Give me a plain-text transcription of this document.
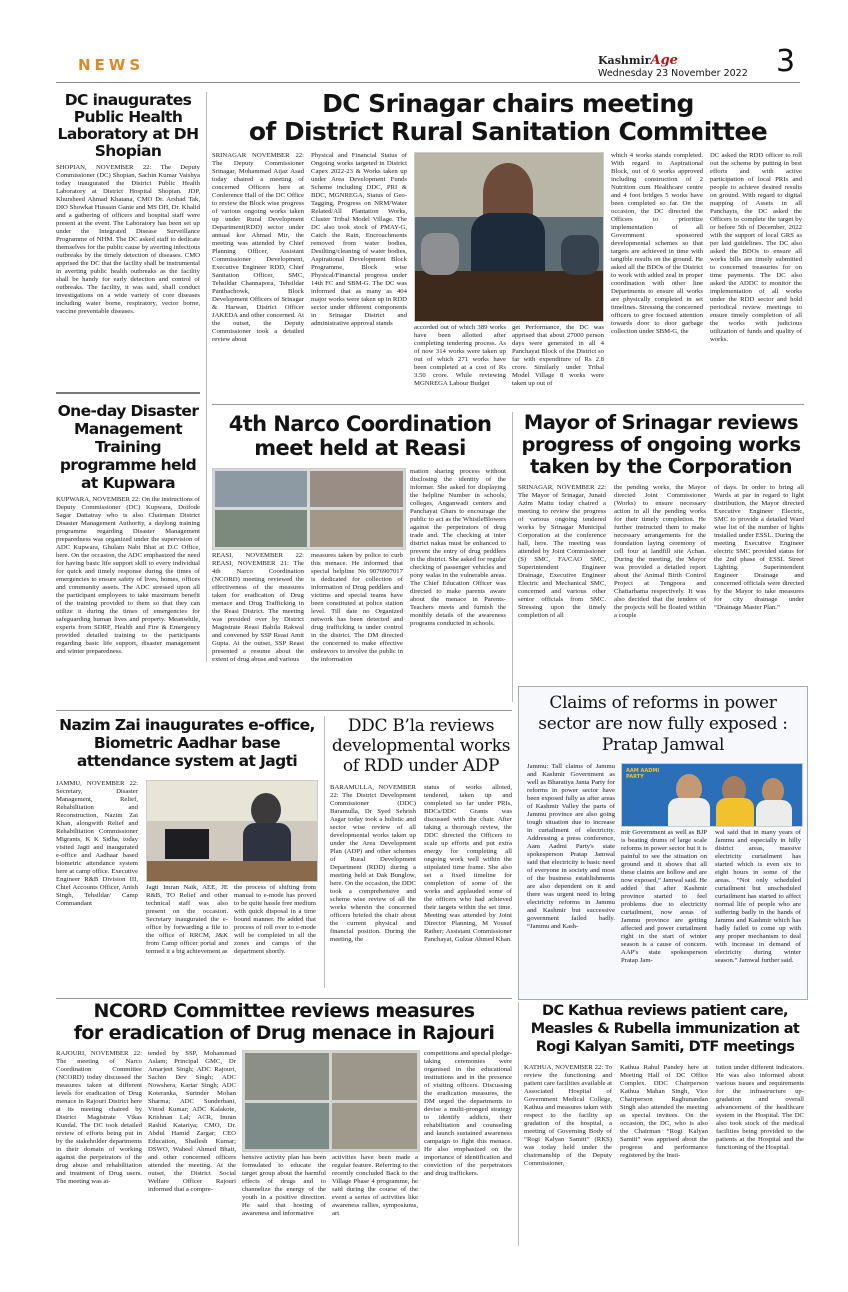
NEWS	KashmirAge
Wednesday 23 November 2022 3
DC inaugurates Public Health Laboratory at DH Shopian

SHOPIAN, NOVEMBER 22: The Deputy Commissioner (DC) Shopian, Sachin Kumar Vaishya today inaugurated the District Public Health Laboratory at District Hospital Shopian. JDP, Khursheed Ahmad Khatana, CMO Dr. Arshad Tak, DIO Showkat Hussain Ganie and MS DH, Dr. Khalid and a gathering of officers and hospital staff were present at the event. The Laboratory has been set up under the Integrated Disease Surveillance Programme of NHM. The DC asked staff to dedicate themselves for the public cause by averting infectious outbreaks by the timely detection of diseases. CMO apprised the DC that the facility shall be instrumental in averting public health outbreaks as the facility shall be handy for early detection and control of outbreaks. The facility, it was said, shall conduct investigations on a wide variety of core diseases including water borne, respiratory, vector borne, vaccine preventable diseases.

One-day Disaster Management Training programme held at Kupwara

KUPWARA, NOVEMBER 22: On the instructions of Deputy Commissioner (DC) Kupwara, Doifode Sagar Dattatray who is also Chairman District Disaster Management Authority, a daylong training programme regarding Disaster Management preparedness was organized under the supervision of ADC Kupwara, Ghulam Nabi Bhat at D.C Office, here. On the occasion, the ADC emphasized the need for having basic life support skill to every individual for quick and timely response during the times of emergencies to ensure safety of lives, homes, offices and community assets. The ADC stressed upon all the participant employees to take maximum benefit of the training provided to them so that they can utilize it during the times of emergencies for safeguarding human lives and property. Meanwhile, experts from SDRF, Health and Fire & Emergency provided detailed training to the participants regarding basic life support, disaster management and winter preparedness.

DC Srinagar chairs meeting
of District Rural Sanitation Committee

SRINAGAR NOVEMBER 22: The Deputy Commissioner Srinagar, Mohammad Aijaz Asad today chaired a meeting of concerned Officers here at Conference Hall of the DC Office to review the Block wise progress of various ongoing works taken up under Rural Development Department(RDD) sector under annual kor Ahmad Mir, the meeting was attended by Chief Planning Officer, Assistant Commissioner Development, Executive Engineer RDD, Chief Sanitation Officer, SMC, Tehsildar Channapora, Tehsildar Panthachowk, Block Development Officers of Srinagar & Harwan, District Officer JAKEDA and other concerned. At the outset, the Deputy Commissioner took a detailed review about

Physical and Financial Status of Ongoing works targeted in District Capex 2022-23 & Works taken up under Area Development Funds Scheme including DDC, PRI & BDC, MGNREGA, Status of Geo-Tagging, Progress on NRM/Water Related/All Plantation Works, Cluster Tribal Model Village. The DC also took stock of PMAY-G, Catch the Rain, Encroachments removed from water bodies, Desilting/cleaning of water bodies, Aspirational Development Block Programme, Block wise Physical/Financial progress under 14th FC and SBM-G. The DC was informed that as many as 404 major works were taken up in RDD sector under different components in Srinagar District and administrative approval stands

accorded out of which 389 works have been allotted after completing tendering process. As of now 314 works were taken up out of which 271 works have been completed at a cost of Rs 3.50 crore. While reviewing MGNREGA Labour Budget

get Performance, the DC was apprised that about 27000 person days were generated in all 4 Panchayat Block of the District so far with expenditure of Rs 2.8 crore. Similarly under Tribal Model Village 8 works were taken up out of

which 4 works stands completed. With regard to Aspirational Block, out of 6 works approved including construction of 2 Nutrition cum Healthcare centre and 4 foot bridges 5 works have been completed so far. On the occasion, the DC directed the Officers to prioritize implementation of all Government sponsored developmental schemes so that targets are achieved in time with tangible results on the ground. He asked all the BDOs of the District to work with added zeal in proper coordination with other line Departments to ensure all works are physically completed in set timelines. Stressing the concerned officers to give focused attention towards door to door garbage collection under SBM-G, the

DC asked the RDD officer to roll out the scheme by putting in best efforts and with active participation of local PRIs and people to achieve desired results on ground. With regard to digital mapping of Assets in all Panchayts, the DC asked the Officers to complete the target by or before 5th of December, 2022 with the support of local GRS as per laid guidelines. The DC also asked the BDOs to ensure all works bills are timely submitted to concerned treasuries for on time payments. The DC also asked the ADDC to monitor the implementation of all works under the RDD sector and hold periodical review meetings to ensure timely completion of all the works with judicious utilization of funds and quality of works.

4th Narco Coordination
meet held at Reasi

REASI, NOVEMBER 22: REASI, NOVEMBER 21: The 4th Narco Coordination (NCORD) meeting reviewed the effectiveness of the measures taken for eradication of Drug menace and Drug Trafficking in the Reasi District. The meeting was presided over by District Magistrate Reasi Babila Rakwal and convened by SSP Reasi Amit Gupta. At the outset, SSP Reasi presented a resume about the extent of drug abuse and various

measures taken by police to curb this menace. He informed that special helpline No 9076907017 is dedicated for collection of information of Drug peddlers and victims and special teams have been constituted at police station level. Till date no Organized network has been detected and drug trafficking is under control in the district. The DM directed the concerned to make effective endeavors to involve the public in the information

mation sharing process without disclosing the identity of the informer. She asked for displaying the helpline Number in schools, colleges, Anganwadi centers and Panchayat Ghars to encourage the public to act as the WhistleBlowers against the perpetrators of drug trade and. The checking at inter district nakas must be enhanced to prevent the entry of drug peddlers in the district. She asked for regular checking of passenger vehicles and pony walas in the vulnerable areas. The Chief Education Officer was directed to make parents aware about the menace in Parents-Teachers meets and furnish the monthly details of the awareness programs conducted in schools.

Mayor of Srinagar reviews
progress of ongoing works
taken by the Corporation

SRINAGAR, NOVEMBER 22: The Mayor of Srinagar, Junaid Azim Mattu today chaired a meeting to review the progress of various ongoing tendered works by Srinagar Municipal Corporation at the conference hall, here. The meeting was attended by Joint Commissioner (S) SMC, FA/CAO SMC, Superintendent Engineer Drainage, Executive Engineer Electric and Mechanical SMC, concerned and various other senior officials from SMC. Stressing upon the timely completion of all

the pending works, the Mayor directed Joint Commissioner (Works) to ensure necessary action in all the pending works for their timely completion. He further instructed them to make necessary arrangements for the foundation laying ceremony of cell four at landfill site Achan. During the meeting, the Mayor was provided a detailed report about the Animal Birth Control Project at Tengpora and Chattarhama respectively. It was also decided that the tenders of the projects will be floated within a couple

of days. In order to bring all Wards at par in regard to light distribution, the Mayor directed Executive Engineer Electric, SMC to provide a detailed Ward wise list of the number of lights installed under ESSL. During the meeting Executive Engineer electric SMC provided status for the 2nd phase of ESSL Street Lighting. Superintendent Engineer Drainage and concerned officials were directed by the Mayor to take measures for city drainage under “Drainage Master Plan.”

Claims of reforms in power
sector are now fully exposed :
Pratap Jamwal

Jammu: Tall claims of Jammu and Kashmir Government as well as Bharatiya Janta Party for reforms in power sector have been exposed fully as after areas of Kashmir Valley the parts of Jammu province are also going tough situation due to increase in curtailment of electricity. Addressing a press conference, Aam Aadmi Party's state spokesperson Pratap Jamwal said that electricity is basic need of everyone in society and most of the business establishments are also dependent on it and there was urgent need to bring electricity reforms in Jammu and Kashmir but successive government failed badly. “Jammu and Kash-

AAM AADMI PARTY

mir Government as well as BJP is beating drums of large scale reforms in power sector but it is painful to see the situation on ground and it shows that all these claims are hollow and are now exposed,” Jamwal said. He added that after Kashmir province started to feel problems due to electricity curtailment, now areas of Jammu province are getting affected and power curtailment right in the start of winter season is a cause of concern. AAP's state spokesperson Pratap Jam-

wal said that in many years of Jammu and especially in hilly district areas, massive electricity curtailment has started which is even six to eight hours in some of the areas. “Not only scheduled curtailment but unscheduled curtailment has started to affect normal life of people who are suffering badly in the hands of Jammu and Kashmir which has badly failed to come up with any proper mechanism to deal with increase in demand of electricity during winter season.” Jamwal further said.

Nazim Zai inaugurates e-office, Biometric Aadhar base attendance system at Jagti

JAMMU, NOVEMBER 22: Secretary, Disaster Management, Relief, Rehabilitation and Reconstruction, Nazim Zai Khan, alongwith Relief and Rehabilitation Commissioner Migrants, K K Sidha, today visited Jagti and inaugurated e-office and Aadhaar based biometric attendance system here at camp office. Executive Engineer R&B Division III, Chief Accounts Officer, Anish Singh, Tehsildar/ Camp Commandant

Jagti Imran Naik, AEE, JE R&B, TO Relief and other technical staff was also present on the occasion. Secretary inaugurated the e-office by forwarding a file to the office of RRCM, J&K from Camp officer portal and termed it a big achievement as

the process of shifting from manual to e-mode has proved to be quite hassle free medium with quick disposal in a time bound manner. He added that process of roll over to e-mode will be completed in all the zones and camps of the department shortly.

DDC B’la reviews
developmental works
of RDD under ADP

BARAMULLA, NOVEMBER 22: The District Development Commissioner (DDC) Baramulla, Dr Syed Sehrish Asgar today took a holistic and sector wise review of all developmental works taken up under the Area Development Plan (ADP) and other schemes of Rural Development Department (RDD) during a meeting held at Dak Bunglow, here. On the occasion, the DDC took a comprehensive and scheme wise review of all the works wherein the concerned officers briefed the chair about the current physical and financial position. During the meeting, the

status of works alloted, tendered, taken up and completed so far under PRIs, BDCs/DDC Grants was discussed with the chair. After taking a thorough review, the DDC directed the Officers to scale up efforts and put extra energy for completing all ongoing work well within the stipulated time frame. She also set a fixed timeline for completion of some of the works and applauded some of the officers who had achieved their targets within the set time. Meeting was attended by Joint Director Planning, M Yousuf Rather; Assistant Commissioner Panchayat, Gulzar Ahmed Khan.

NCORD Committee reviews measures
for eradication of Drug menace in Rajouri

RAJOURI, NOVEMBER 22: The meeting of Narco Coordination Committee (NCORD) today discussed the measures taken at different levels for eradication of Drug menace in Rajouri District here at its meeting chaired by District Magistrate Vikas Kundal. The DC took detailed review of efforts being put in by the stakeholder departments in their domain of working against the perpetrators of the drug abuse and rehabilitation and treatment of Drug users. The meeting was at-

tended by SSP, Mohammad Aslam; Principal GMC, Dr Amarjeet Singh; ADC Rajouri, Sachin Dev Singh; ADC Nowshera, Kartar Singh; ADC Koteranka, Surinder Mohan Sharma; ADC Sunderbani, Vinod Kumar; ADC Kalakote, Krishnan Lal; ACR, Imran Rashid Katariya; CMO, Dr. Abdul Hamid Zargar; CEO Education, Shailesh Kumar; DSWO, Waheel Ahmed Bhatt, and other concerned officers attended the meeting. At the outset, the District Social Welfare Officer Rajouri informed that a compre-

hensive activity plan has been formulated to educate the target group about the harmful effects of drugs and to channelize the energy of the youth in a positive direction. He said that hosting of awareness and informative

activities have been made a regular feature. Referring to the recently concluded Back to the Village Phase 4 programme, he said during the course of the event a series of activities like awareness rallies, symposiums, art

competitions and special pledge-taking ceremonies were organised in the educational institutions and in the presence of visiting officers. Discussing the eradication measures, the DM urged the departments to devise a multi-pronged strategy to identify addicts, their rehabilitation and counseling and launch sustained awareness campaign to fight this menace. He also emphasized on the importance of identification and conviction of the perpetrators and drug traffickers.

DC Kathua reviews patient care, Measles & Rubella immunization at Rogi Kalyan Samiti, DTF meetings

KATHUA, NOVEMBER 22: To review the functioning and patient care facilities available at Associated Hospital of Government Medical College, Kathua and measures taken with respect to the facility up gradation of the hospital, a meeting of Governing Body of “Rogi Kalyan Samiti” (RKS) was today held under the chairmanship of the Deputy Commissioner,

Kathua Rahul Pandey here at Meeting Hall of DC Office Complex. DDC Chairperson Kathua Mahan Singh, Vice Chairperson Raghunandan Singh also attended the meeting as special invitees. On the occasion, the DC, who is also the Chairman “Rogi Kalyan Samiti” was apprised about the progress and performance registered by the Insti-

tution under different indicators. He was also informed about various issues and requirements for the infrastructure up-gradation and overall advancement of the healthcare system in the Hospital. The DC also took stock of the medical facilities being provided to the patients at the Hospital and the functioning of the Hospital.
